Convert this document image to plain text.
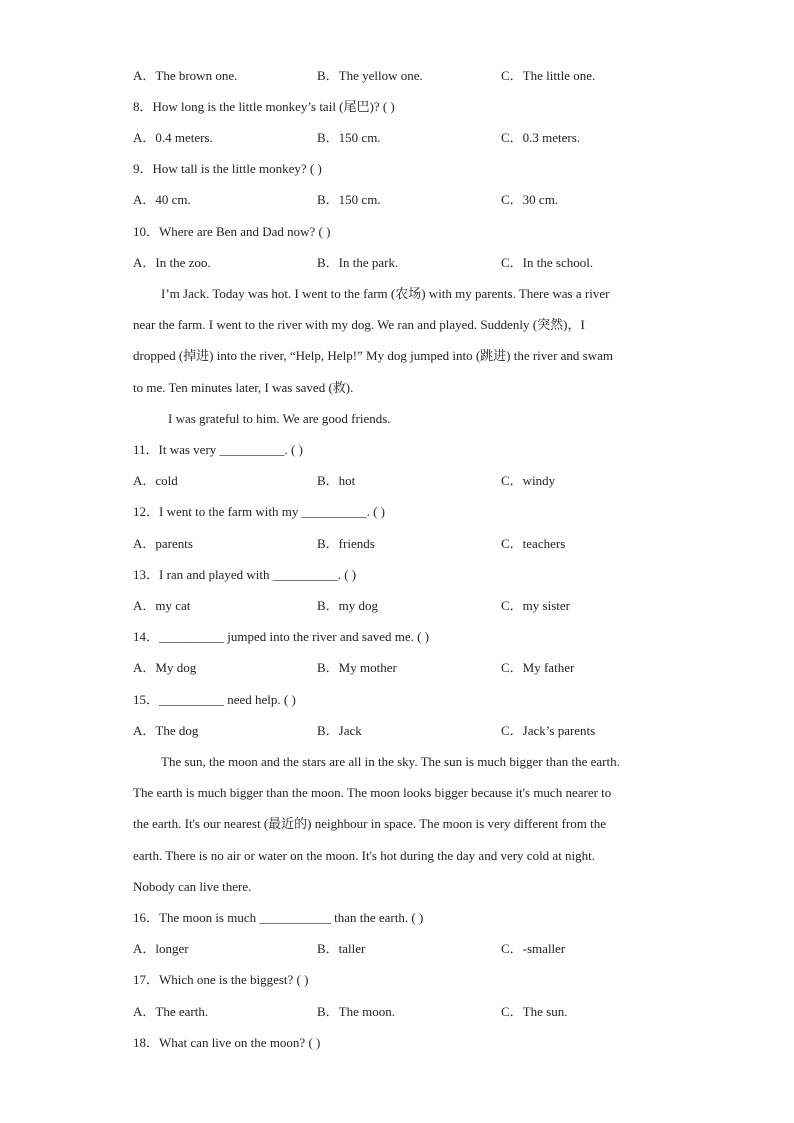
A．The brown one.	B．The yellow one.	C．The little one.
8．How long is the little monkey’s tail (尾巴)? ( )
A．0.4 meters.	B．150 cm.	C．0.3 meters.
9．How tall is the little monkey? ( )
A．40 cm.	B．150 cm.	C．30 cm.
10．Where are Ben and Dad now? ( )
A．In the zoo.	B．In the park.	C．In the school.
I’m Jack. Today was hot. I went to the farm (农场) with my parents. There was a river
near the farm. I went to the river with my dog. We ran and played. Suddenly (突然)，I
dropped (掉进) into the river, “Help, Help!” My dog jumped into (跳进) the river and swam
to me. Ten minutes later, I was saved (救).
I was grateful to him. We are good friends.
11．It was very __________. ( )
A．cold	B．hot	C．windy
12．I went to the farm with my __________. ( )
A．parents	B．friends	C．teachers
13．I ran and played with __________. ( )
A．my cat	B．my dog	C．my sister
14．__________ jumped into the river and saved me. ( )
A．My dog	B．My mother	C．My father
15．__________ need help. ( )
A．The dog	B．Jack	C．Jack’s parents
The sun, the moon and the stars are all in the sky. The sun is much bigger than the earth.
The earth is much bigger than the moon. The moon looks bigger because it's much nearer to
the earth. It's our nearest (最近的) neighbour in space. The moon is very different from the
earth. There is no air or water on the moon. It's hot during the day and very cold at night.
Nobody can live there.
16．The moon is much ___________ than the earth. ( )
A．longer	B．taller	C．-smaller
17．Which one is the biggest? ( )
A．The earth.	B．The moon.	C．The sun.
18．What can live on the moon? ( )
